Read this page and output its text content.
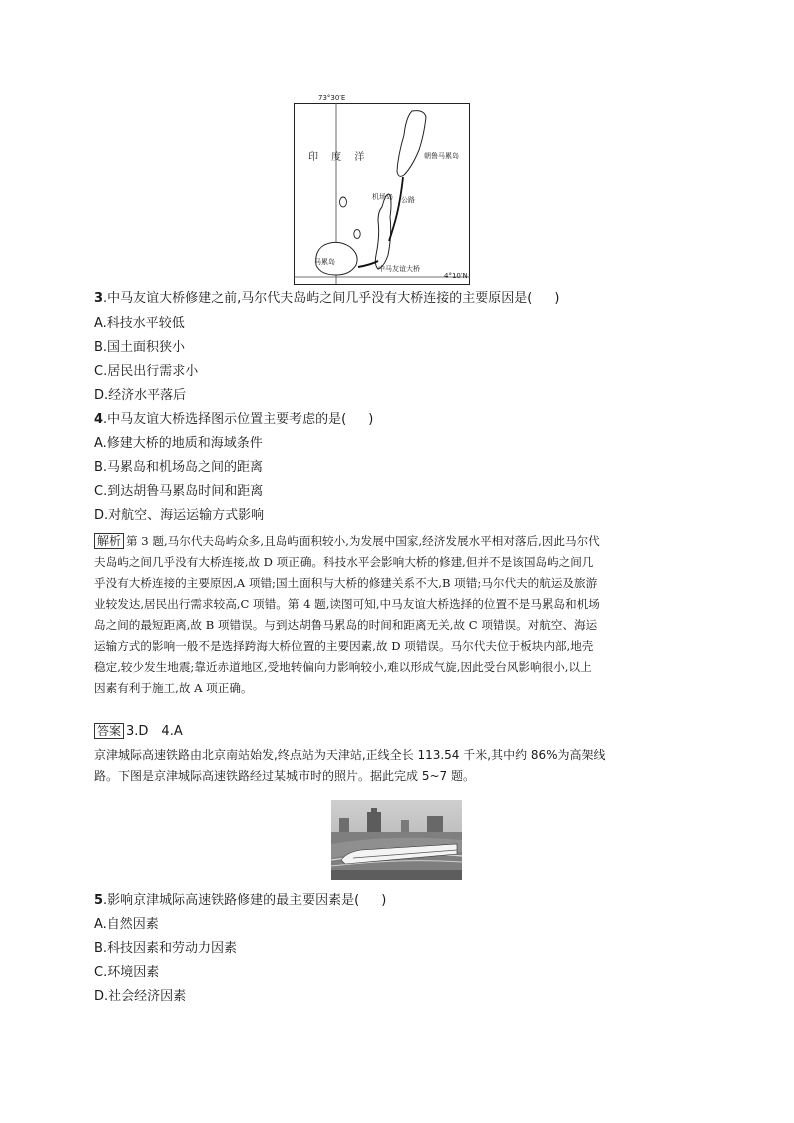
73°30′E
4°10′N
印 度 洋	朝鲁马累岛
机场岛 公路
马累岛
中马友谊大桥
3.中马友谊大桥修建之前,马尔代夫岛屿之间几乎没有大桥连接的主要原因是( )
A.科技水平较低
B.国土面积狭小
C.居民出行需求小
D.经济水平落后
4.中马友谊大桥选择图示位置主要考虑的是( )
A.修建大桥的地质和海域条件
B.马累岛和机场岛之间的距离
C.到达胡鲁马累岛时间和距离
D.对航空、海运运输方式影响
解析 第 3 题,马尔代夫岛屿众多,且岛屿面积较小,为发展中国家,经济发展水平相对落后,因此马尔代
夫岛屿之间几乎没有大桥连接,故 D 项正确。科技水平会影响大桥的修建,但并不是该国岛屿之间几
乎没有大桥连接的主要原因,A 项错;国土面积与大桥的修建关系不大,B 项错;马尔代夫的航运及旅游
业较发达,居民出行需求较高,C 项错。第 4 题,读图可知,中马友谊大桥选择的位置不是马累岛和机场
岛之间的最短距离,故 B 项错误。与到达胡鲁马累岛的时间和距离无关,故 C 项错误。对航空、海运
运输方式的影响一般不是选择跨海大桥位置的主要因素,故 D 项错误。马尔代夫位于板块内部,地壳
稳定,较少发生地震;靠近赤道地区,受地转偏向力影响较小,难以形成气旋,因此受台风影响很小,以上
因素有利于施工,故 A 项正确。
答案 3.D　4.A
京津城际高速铁路由北京南站始发,终点站为天津站,正线全长 113.54 千米,其中约 86%为高架线
路。下图是京津城际高速铁路经过某城市时的照片。据此完成 5~7 题。
5.影响京津城际高速铁路修建的最主要因素是( )
A.自然因素
B.科技因素和劳动力因素
C.环境因素
D.社会经济因素
